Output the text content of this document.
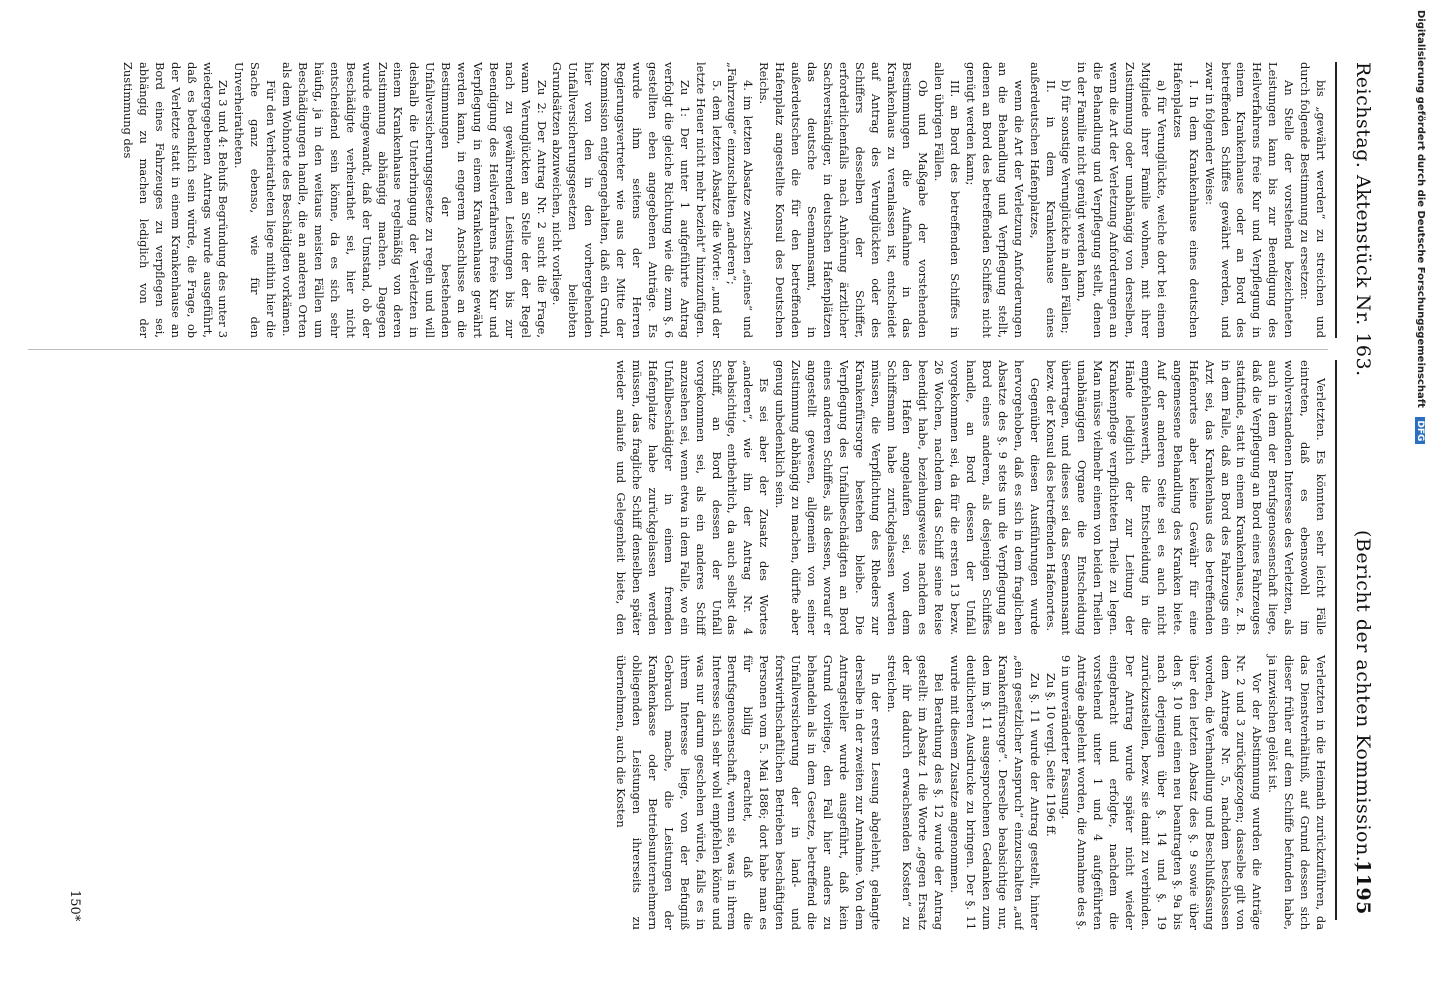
Reichstag. Aktenstück Nr. 163.
(Bericht der achten Kommission.)
1195

bis „gewährt werden“ zu streichen und durch folgende Bestimmung zu ersetzen:

An Stelle der vorstehend bezeichneten Leistungen kann bis zur Beendigung des Heilverfahrens freie Kur und Verpflegung in einem Krankenhause oder an Bord des betreffenden Schiffes gewährt werden, und zwar in folgender Weise:

I. In dem Krankenhause eines deutschen Hafenplatzes

a) für Verunglückte, welche dort bei einem Mitgliede ihrer Familie wohnen, mit ihrer Zustimmung oder unabhängig von derselben, wenn die Art der Verletzung Anforderungen an die Behandlung und Verpflegung stellt, denen in der Familie nicht genügt werden kann,

b) für sonstige Verunglückte in allen Fällen;

II. in dem Krankenhause eines außerdeutschen Hafenplatzes,

wenn die Art der Verletzung Anforderungen an die Behandlung und Verpflegung stellt, denen an Bord des betreffenden Schiffes nicht genügt werden kann;

III. an Bord des betreffenden Schiffes in allen übrigen Fällen.

Ob und Maßgabe der vorstehenden Bestimmungen die Aufnahme in das Krankenhaus zu veranlassen ist, entscheidet auf Antrag des Verunglückten oder des Schiffers desselben der Schiffer, erforderlichenfalls nach Anhörung ärztlicher Sachverständiger, in deutschen Hafenplätzen das deutsche Seemannsamt, in außerdeutschen die für den betreffenden Hafenplatz angestellte Konsul des Deutschen Reichs.

4. im letzten Absatze zwischen „eines“ und „Fahrzeuge“ einzuschalten „anderen“;

5. dem letzten Absatze die Worte: „und der letzte Heuer nicht mehr bezieht“ hinzuzufügen.

Zu 1: Der unter 1 aufgeführte Antrag verfolgt die gleiche Richtung wie die zum §. 6 gestellten eben angegebenen Anträge. Es wurde ihm seitens der Herren Regierungsvertreter wie aus der Mitte der Kommission entgegengehalten, daß ein Grund, hier von den in den vorhergehenden Unfallversicherungsgesetzen beliebten Grundsätzen abzuweichen, nicht vorliege.

Zu 2: Der Antrag Nr. 2 sucht die Frage, wann Verunglückten an Stelle der der Regel nach zu gewährenden Leistungen bis zur Beendigung des Heilverfahrens freie Kur und Verpflegung in einem Krankenhause gewährt werden kann, in engerem Anschlusse an die Bestimmungen der bestehenden Unfallversicherungsgesetze zu regeln und will deshalb die Unterbringung der Verletzten in einem Krankenhause regelmäßig von deren Zustimmung abhängig machen. Dagegen wurde eingewandt, daß der Umstand, ob der Beschädigte verheirathet sei, hier nicht entscheidend sein könne, da es sich sehr häufig, ja in den weitaus meisten Fällen um Beschädigungen handle, die an anderen Orten als dem Wohnorte des Beschädigten vorkämen.

Für den Verheiratheten liege mithin hier die Sache ganz ebenso, wie für den Unverheiratheten.

Zu 3 und 4: Behufs Begründung des unter 3 wiedergegebenen Antrags wurde ausgeführt, daß es bedenklich sein würde, die Frage, ob der Verletzte statt in einem Krankenhause an Bord eines Fahrzeuges zu verpflegen sei, abhängig zu machen lediglich von der Zustimmung des

Verletzten. Es könnten sehr leicht Fälle eintreten, daß es ebensowohl im wohlverstandenen Interesse des Verletzten, als auch in dem der Berufsgenossenschaft liege, daß die Verpflegung an Bord eines Fahrzeuges stattfinde, statt in einem Krankenhause, z. B. in dem Falle, daß an Bord des Fahrzeugs ein Arzt sei, das Krankenhaus des betreffenden Hafenortes aber keine Gewähr für eine angemessene Behandlung des Kranken biete. Auf der anderen Seite sei es auch nicht empfehlenswerth, die Entscheidung in die Hände lediglich der zur Leitung der Krankenpflege verpflichteten Theile zu legen. Man müsse vielmehr einem von beiden Theilen unabhängigen Organe die Entscheidung übertragen, und dieses sei das Seemannsamt bezw. der Konsul des betreffenden Hafenortes.

Gegenüber diesen Ausführungen wurde hervorgehoben, daß es sich in dem fraglichen Absatze des §. 9 stets um die Verpflegung an Bord eines anderen, als desjenigen Schiffes handle, an Bord dessen der Unfall vorgekommen sei, da für die ersten 13 bezw. 26 Wochen, nachdem das Schiff seine Reise beendigt habe, beziehungsweise nachdem es den Hafen angelaufen sei, von dem Schiffsmann habe zurückgelassen werden müssen, die Verpflichtung des Rheders zur Krankenfürsorge bestehen bleibe. Die Verpflegung des Unfallbeschädigten an Bord eines anderen Schiffes, als dessen, worauf er angestellt gewesen, allgemein von seiner Zustimmung abhängig zu machen, dürfte aber genug unbedenklich sein.

Es sei aber der Zusatz des Wortes „anderen“, wie ihn der Antrag Nr. 4 beabsichtige, entbehrlich, da auch selbst das Schiff, an Bord dessen der Unfall vorgekommen sei, als ein anderes Schiff anzusehen sei, wenn etwa in dem Falle, wo ein Unfallbeschädigter in einem fremden Hafenplatze habe zurückgelassen werden müssen, das fragliche Schiff denselben später wieder anlaufe und Gelegenheit biete, den Verletzten in die Heimath zurückzuführen, da das Dienstverhältniß, auf Grund dessen sich dieser früher auf dem Schiffe befunden habe, ja inzwischen gelöst ist.

Vor der Abstimmung wurden die Anträge Nr. 2 und 3 zurückgezogen; dasselbe gilt von dem Antrage Nr. 5, nachdem beschlossen worden, die Verhandlung und Beschlußfassung über den letzten Absatz des §. 9 sowie über den §. 10 und einen neu beantragten §. 9a bis nach derjenigen über §. 14 und §. 19 zurückzustellen, bezw. sie damit zu verbinden. Der Antrag wurde später nicht wieder eingebracht und erfolgte, nachdem die vorstehend unter 1 und 4 aufgeführten Anträge abgelehnt worden, die Annahme des §. 9 in unveränderter Fassung.

Zu §. 10 vergl. Seite 1196 ff.

Zu §. 11 wurde der Antrag gestellt, hinter „ein gesetzlicher Anspruch“ einzuschalten „auf Krankenfürsorge“. Derselbe beabsichtige nur, den im §. 11 ausgesprochenen Gedanken zum deutlicheren Ausdrucke zu bringen. Der §. 11 wurde mit diesem Zusatze angenommen.

Bei Berathung des §. 12 wurde der Antrag gestellt: im Absatz 1 die Worte „gegen Ersatz der ihr dadurch erwachsenden Kosten“ zu streichen.

In der ersten Lesung abgelehnt, gelangte derselbe in der zweiten zur Annahme. Von dem Antragsteller wurde ausgeführt, daß kein Grund vorliege, den Fall hier anders zu behandeln als in dem Gesetze, betreffend die Unfallversicherung der in land- und forstwirthschaftlichen Betrieben beschäftigten Personen vom 5. Mai 1886; dort habe man es für billig erachtet, daß die Berufsgenossenschaft, wenn sie, was in ihrem Interesse sich sehr wohl empfehlen könne und was nur darum geschehen würde, falls es in ihrem Interesse liege, von der Befugniß Gebrauch mache, die Leistungen der Krankenkasse oder Betriebsunternehmern obliegenden Leistungen ihrerseits zu übernehmen, auch die Kosten

150*
Digitalisierung gefördert durch die Deutsche Forschungsgemeinschaft DFG
